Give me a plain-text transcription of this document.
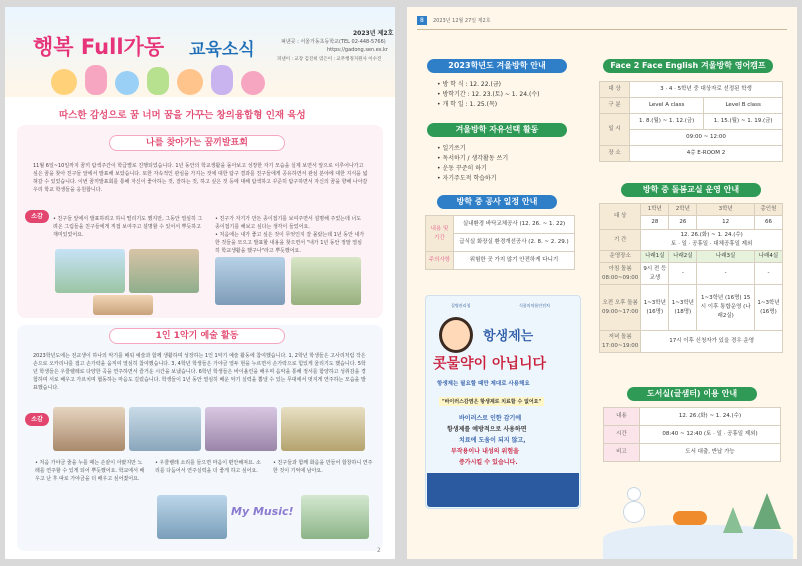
행복 Full가동 교육소식
2023년 제2호
펴낸곳 : 서울가동초등학교(TEL 02-448-5766)
https://gadong.sen.es.kr
펴낸이 : 교장 김진희 엮은이 : 교무행정지원사 이수진
따스한 감성으로 꿈 너머 꿈을 가꾸는 창의융합형 인재 육성
나를 찾아가는 꿈끼발표회
11월 6일~10일까지 꿈끼 탐색주간이 학급별로 진행되었습니다. 1년 동안의 학교생활을 돌아보고 성장한 자기 모습을 실제 보면서 앞으로 이루어나가고 싶은 꿈을 찾아 친구들 앞에서 발표해 보았습니다. 또한 자속적인 관심을 가지는 것에 대한 탐구 결과를 친구들에게 공유하면서 관심 분야에 대한 지식을 넓혀갈 수 있었습니다. 이번 꿈끼발표회를 통해 자신이 좋아하는 것, 잘하는 것, 하고 싶은 것 등에 대해 탐색하고 꾸준히 탐구하면서 자신의 꿈을 향해 나아갈 우리 학교 학생들을 응원합니다.
소감	• 친구들 앞에서 발표하려고 하니 떨리기도 했지만, 그동안 열심히 그려온 그림들을 친구들에게 직접 보여주고 설명할 수 있어서 뿌듯하고 재미있었어요.
• 친구가 자기가 만든 종이접기를 보여주면서 설명해 주었는데 너도 종이접기를 해보고 싶다는 생각이 들었어요.
• 처음에는 내가 좋고 싶은 것이 무엇인지 잘 몰랐는데 1년 동안 내가 한 것들을 모으고 발표할 내용을 찾으면서 "내가 1년 동안 정말 열심히 학교생활을 했구나"라고 뿌듯했어요.
1인 1악기 예술 활동
2023학년도에는 전교생이 하나의 악기를 배워 예술과 함께 생활하며 성장하는 1인 1악기 예술 활동에 참여했습니다. 1, 2학년 학생들은 고사리처럼 작은 손으로 오카리나를 접고 손가락을 움직여 열심히 참여했습니다. 3, 4학년 학생들은 가야금 열두 현을 누르면서 손가락으로 힘있게 울리기도 했습니다. 5학년 학생들은 우쿨렐레로 다양한 곡을 연주하면서 즐거운 시간을 보냈습니다. 6학년 학생들은 바이올린을 배우며 음악을 통해 정서를 함양하고 성취감을 경험하며 서로 배우고 가르치며 협동하는 마음도 길렀습니다. 학생들이 1년 동안 열심히 배운 악기 실력을 뽐낼 수 있는 무대에서 멋지게 연주하는 모습을 발표했습니다.
소감
• 처음 가야금 줄을 누를 때는 손끝이 아팠지만 노래를 연주할 수 있게 되어 뿌듯했어요. 학교에서 배우고 난 후 따로 가야금을 더 배우고 싶어졌어요.
• 우쿨렐레 소리를 들으면 마음이 편안해져요. 소리를 다듬어서 연주실력을 더 좋게 하고 싶어요.
• 친구들과 함께 화음을 만들어 합창하니 연주한 것이 기억에 남아요.
My Music!
2
8	2023년 12월 27일 제2호
2023학년도 겨울방학 안내
• 방 학 식 : 12. 22.(금)
• 방학기간 : 12. 23.(토) ~ 1. 24.(수)
• 개 학 일 : 1. 25.(목)
겨울방학 자유선택 활동
• 일기쓰기
• 독서하기 / 생각활동 쓰기
• 운동 꾸준히 하기
• 자기주도적 학습하기
방학 중 공사 일정 안내
내용 및 기간	실내환경 바닥교체공사 (12. 26. ~ 1. 22)
	급식실 화장실 환경개선공사 (2. 8. ~ 2. 29.)
주의사항	위험한 곳 가지 않기 안전하게 다니기
질병관리청	식품의약품안전처
항생제는
콧물약이 아닙니다
항생제는 필요할 때만 제대로 사용해요
"바이러스감염은 항생제로 치료할 수 없어요"
바이러스로 인한 감기에
항생제를 예방적으로 사용하면
치료에 도움이 되지 않고,
부작용이나 내성의 위험을
증가시킬 수 있습니다.
Face 2 Face English 겨울방학 영어캠프
대 상	3 · 4 · 5학년 중 대상자로 선정된 학생	
구 분	Level A class	Level B class
일 시	1. 8.(월) ~ 1. 12.(금)	1. 15.(월) ~ 1. 19.(금)
	09:00 ~ 12:00	
장 소	4층 E-ROOM 2	
방학 중 돌봄교실 운영 안내
대 상	1학년	2학년	3학년	총인원
	28	26	12	66
기 간	12. 26.(화) ~ 1. 24.(수)
토 · 일 · 공휴일 · 대체공휴일 제외			

운영장소	나래1실	나래2실	나래3실	나래4실
아침 돌봄 08:00~09:00	9시 전 등교생	-	-	-
오전 오후 돌봄 09:00~17:00	1~3학년 (16명)	1~3학년 (18명)	1~3학년 (16명) 15시 이후 통합운영 (나래2실)	1~3학년 (16명)
저녁 돌봄 17:00~19:00	17시 이후 신청자가 있을 경우 운영			
도서실(글샘터) 이용 안내
내용	12. 26.(화) ~ 1. 24.(수)
시간	08:40 ~ 12:40 (토 · 일 · 공휴일 제외)
비고	도서 대출, 반납 가능
